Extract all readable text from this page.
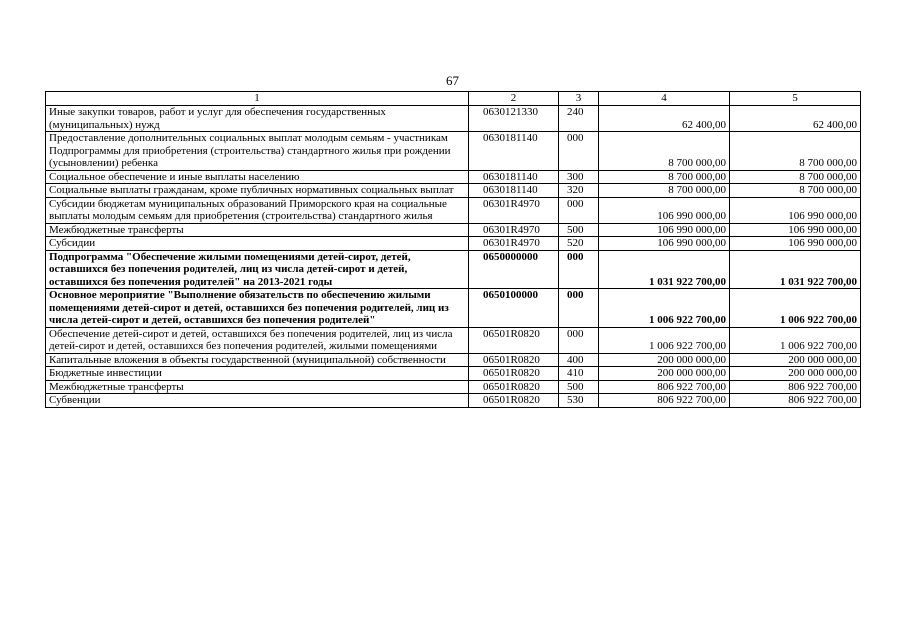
67
1	2	3	4	5
Иные закупки товаров, работ и услуг для обеспечения государственных (муниципальных) нужд	0630121330	240	62 400,00	62 400,00
Предоставление дополнительных социальных выплат молодым семьям - участникам Подпрограммы для приобретения (строительства) стандартного жилья при рождении (усыновлении) ребенка	0630181140	000	8 700 000,00	8 700 000,00
Социальное обеспечение и иные выплаты населению	0630181140	300	8 700 000,00	8 700 000,00
Социальные выплаты гражданам, кроме публичных нормативных социальных выплат	0630181140	320	8 700 000,00	8 700 000,00
Субсидии бюджетам муниципальных образований Приморского края на социальные выплаты молодым семьям для приобретения (строительства) стандартного жилья	06301R4970	000	106 990 000,00	106 990 000,00
Межбюджетные трансферты	06301R4970	500	106 990 000,00	106 990 000,00
Субсидии	06301R4970	520	106 990 000,00	106 990 000,00
Подпрограмма "Обеспечение жилыми помещениями детей-сирот, детей, оставшихся без попечения родителей, лиц из числа детей-сирот и детей, оставшихся без попечения родителей" на 2013-2021 годы	0650000000	000	1 031 922 700,00	1 031 922 700,00
Основное мероприятие "Выполнение обязательств по обеспечению жилыми помещениями детей-сирот и детей, оставшихся без попечения родителей, лиц из числа детей-сирот и детей, оставшихся без попечения родителей"	0650100000	000	1 006 922 700,00	1 006 922 700,00
Обеспечение детей-сирот и детей, оставшихся без попечения родителей, лиц из числа детей-сирот и детей, оставшихся без попечения родителей, жилыми помещениями	06501R0820	000	1 006 922 700,00	1 006 922 700,00
Капитальные вложения в объекты государственной (муниципальной) собственности	06501R0820	400	200 000 000,00	200 000 000,00
Бюджетные инвестиции	06501R0820	410	200 000 000,00	200 000 000,00
Межбюджетные трансферты	06501R0820	500	806 922 700,00	806 922 700,00
Субвенции	06501R0820	530	806 922 700,00	806 922 700,00
